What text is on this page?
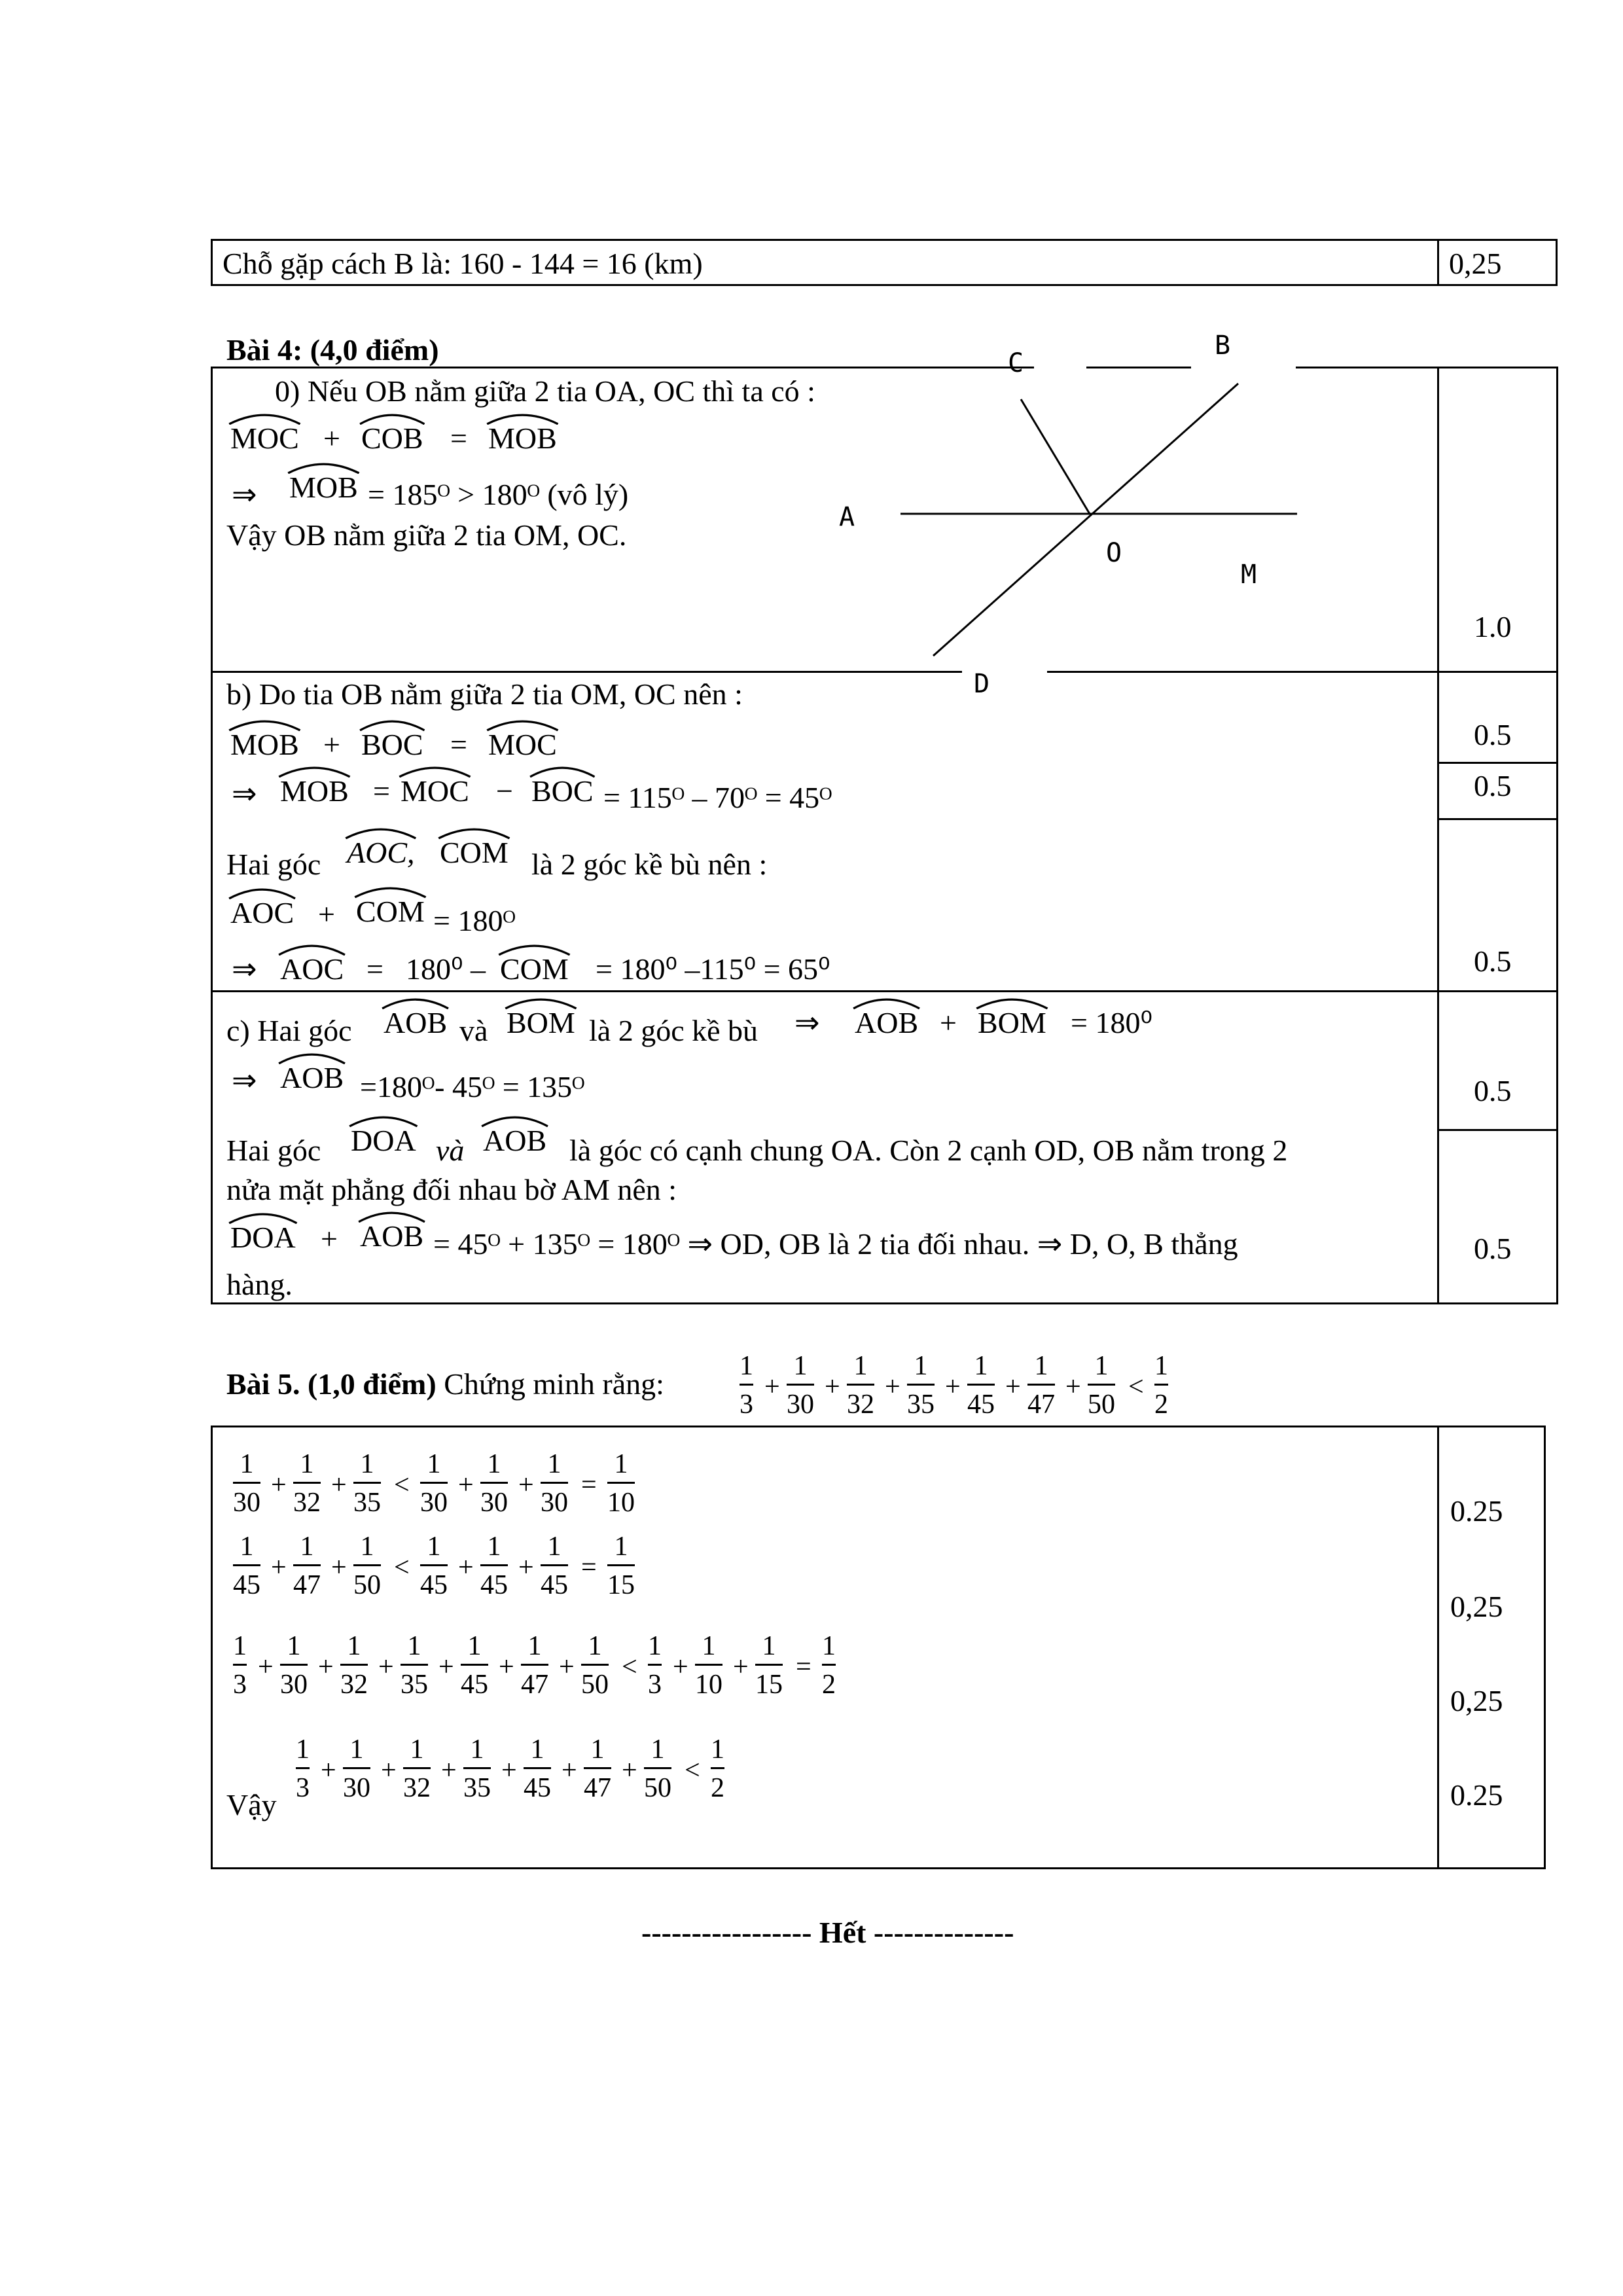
Chỗ gặp cách B là: 160 - 144 = 16 (km)	0,25
Bài 4: (4,0 điểm)	C
B
A
O
M
D
0) Nếu OB nằm giữa 2 tia OA, OC thì ta có :
MOC + COB = MOB
⇒ MOB = 185ᴼ > 180ᴼ (vô lý)
Vậy OB nằm giữa 2 tia OM, OC.
1.0
b) Do tia OB nằm giữa 2 tia OM, OC nên :
MOB + BOC = MOC
⇒ MOB = MOC − BOC = 115ᴼ – 70ᴼ = 45ᴼ
Hai góc AOC, COM là 2 góc kề bù nên :
AOC + COM = 180ᴼ
⇒ AOC = 180⁰ – COM = 180⁰ –115⁰ = 65⁰
0.5
0.5
0.5
c) Hai góc AOB và BOM là 2 góc kề bù ⇒ AOB + BOM = 180⁰
⇒ AOB =180ᴼ- 45ᴼ = 135ᴼ
Hai góc DOA và AOB là góc có cạnh chung OA. Còn 2 cạnh OD, OB nằm trong 2
nửa mặt phẳng đối nhau bờ AM nên :
DOA + AOB = 45ᴼ + 135ᴼ = 180ᴼ ⇒ OD, OB là 2 tia đối nhau. ⇒ D, O, B thẳng
hàng.
0.5
0.5
Bài 5. (1,0 điểm) Chứng minh rằng:
1
3
+
1
30
+
1
32
+
1
35
+
1
45
+
1
47
+
1
50
<
1
2
1
30
+
1
32
+
1
35
<
1
30
+
1
30
+
1
30
=
1
10
1
45
+
1
47
+
1
50
<
1
45
+
1
45
+
1
45
=
1
15
1
3
+
1
30
+
1
32
+
1
35
+
1
45
+
1
47
+
1
50
<
1
3
+
1
10
+
1
15
=
1
2
1
3
+
1
30
+
1
32
+
1
35
+
1
45
+
1
47
+
1
50
<
1
2
Vậy
0.25
0,25
0,25
0.25
----------------- Hết --------------
